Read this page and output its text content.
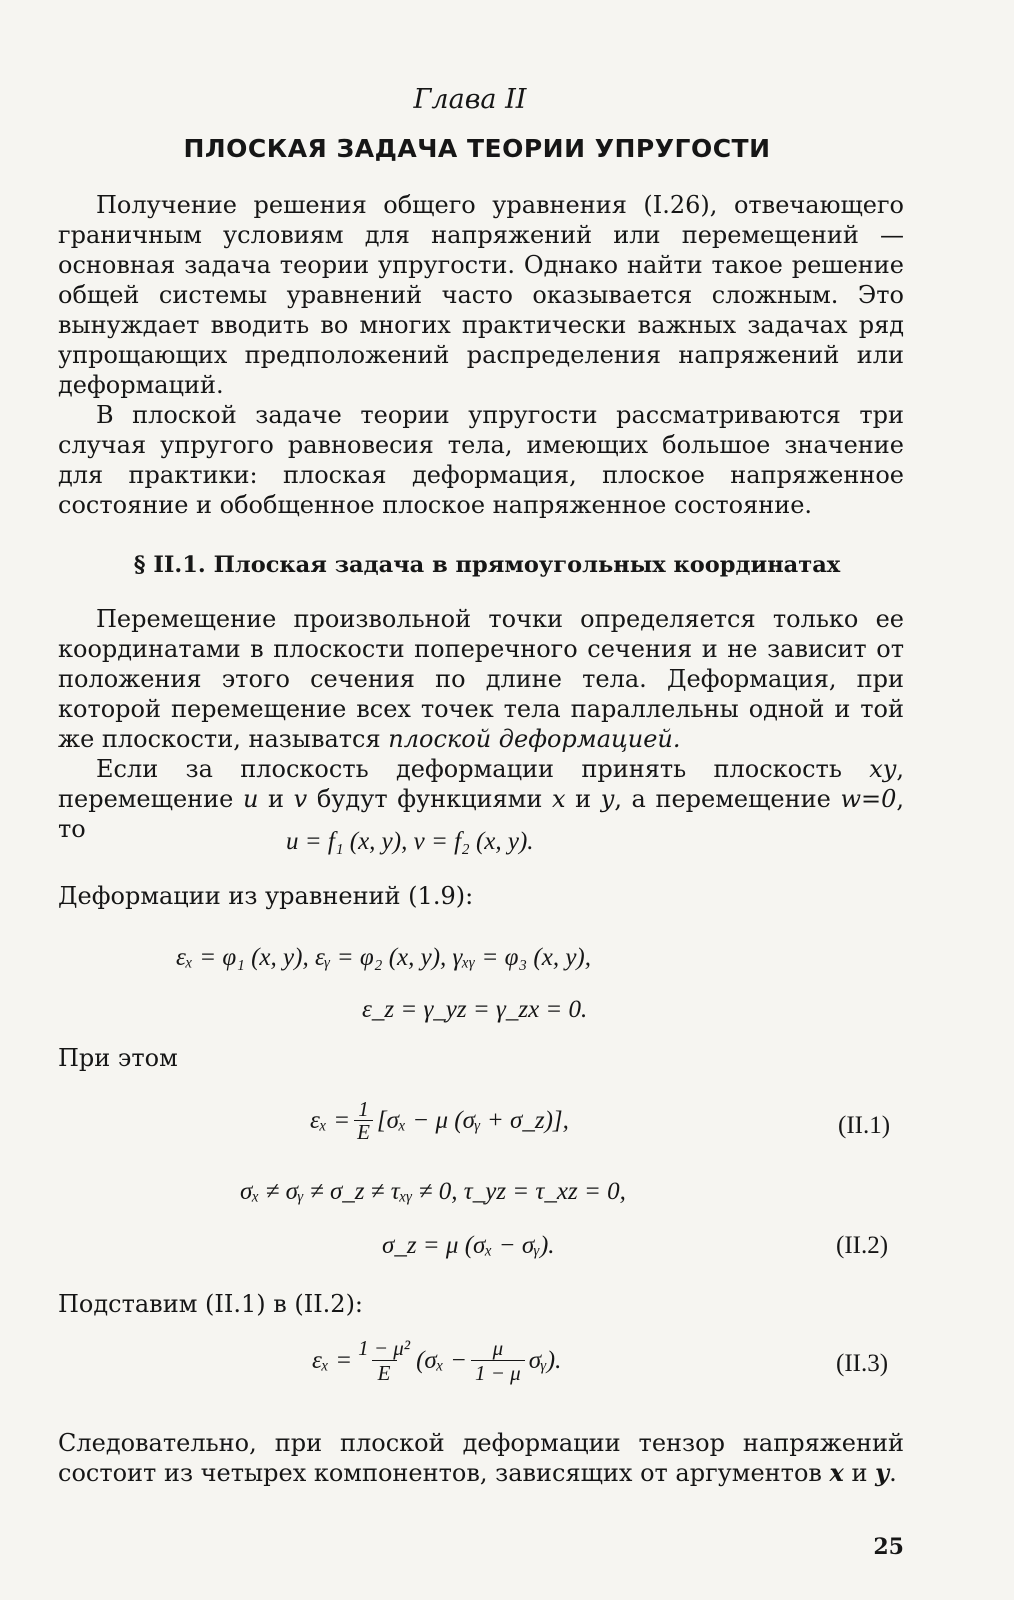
Глава II
ПЛОСКАЯ ЗАДАЧА ТЕОРИИ УПРУГОСТИ

Получение решения общего уравнения (I.26), отвечающего граничным условиям для напряжений или перемещений — основная задача теории упругости. Однако найти такое решение общей системы уравнений часто оказывается сложным. Это вынуждает вводить во многих практически важных задачах ряд упрощающих предположений распределения напряжений или деформаций.

В плоской задаче теории упругости рассматриваются три случая упругого равновесия тела, имеющих большое значение для практики: плоская деформация, плоское напряженное состояние и обобщенное плоское напряженное состояние.

§ II.1. Плоская задача в прямоугольных координатах

Перемещение произвольной точки определяется только ее координатами в плоскости поперечного сечения и не зависит от положения этого сечения по длине тела. Деформация, при которой перемещение всех точек тела параллельны одной и той же плоскости, называтся плоской деформацией.

Если за плоскость деформации принять плоскость xy, перемещение u и v будут функциями x и y, а перемещение w=0, то	u = f₁ (x, y), v = f₂ (x, y).
Деформации из уравнений (1.9):
εₓ = φ₁ (x, y), εᵧ = φ₂ (x, y), γₓᵧ = φ₃ (x, y),
ε_z = γ_yz = γ_zx = 0.
При этом
$\varepsilon_x = \frac{1}{E} [\sigma_x - \mu$ (σᵧ + σ_z)],	(II.1)
σₓ ≠ σᵧ ≠ σ_z ≠ τₓᵧ ≠ 0, τ_yz = τ_xz = 0,
σ_z = μ (σₓ − σᵧ).	(II.2)
Подставим (II.1) в (II.2):
$\varepsilon_x = \frac{\text{1 − μ²}}{E} (\sigma_x - \frac{\mu}{1 - \mu}$ σᵧ).	(II.3)
Следовательно, при плоской деформации тензор напряжений состоит из четырех компонентов, зависящих от аргументов x и y.
25
